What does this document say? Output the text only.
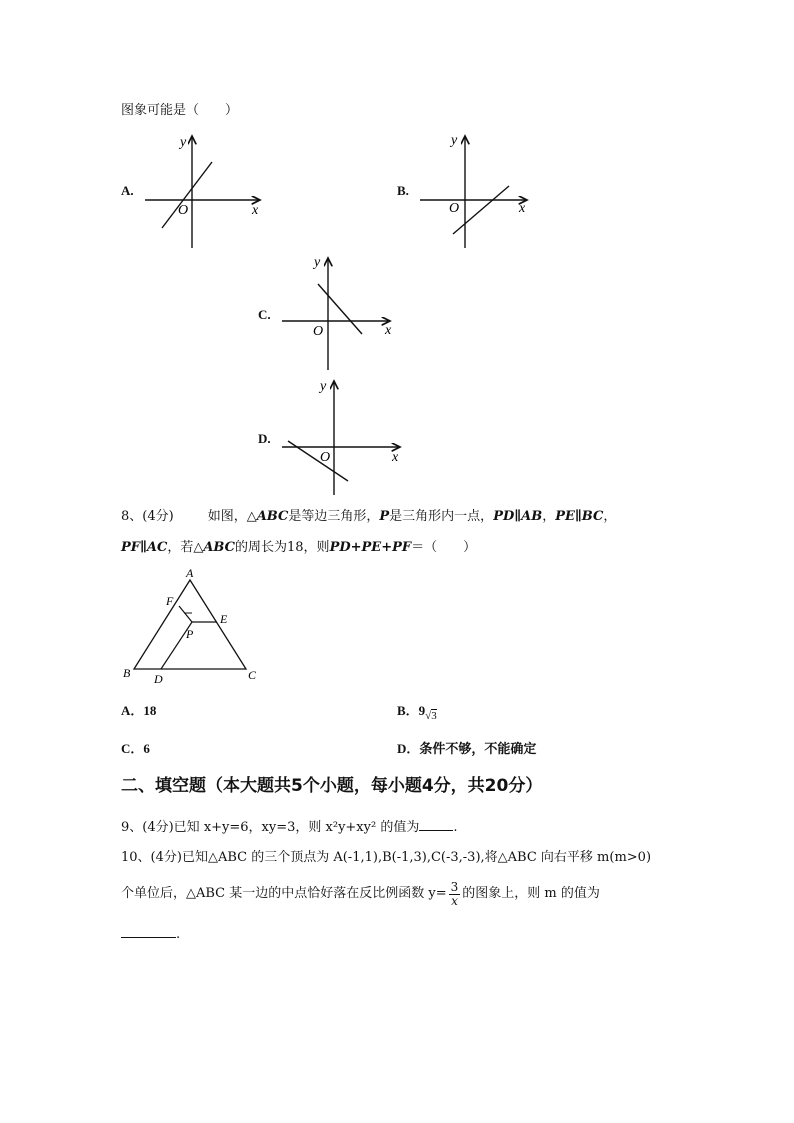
图象可能是（　　）
A.
x
y
O
B.
x
y
O
C.
x
y
O
D.
x
y
O
8、(4分)	如图，△ABC是等边三角形，P是三角形内一点，PD∥AB，PE∥BC，
PF∥AC，若△ABC的周长为18，则PD+PE+PF＝（　　）
A
B	C
D
E
F
P
A．18	B．$9_{√3}$
C．6	D．条件不够，不能确定
二、填空题（本大题共5个小题，每小题4分，共20分）
9、(4分)已知 x+y=6，xy=3，则 x²y+xy² 的值为	.
10、(4分)已知△ABC 的三个顶点为 A(-1,1),B(-1,3),C(-3,-3),将△ABC 向右平移 m(m>0)
个单位后，△ABC 某一边的中点恰好落在反比例函数 $y= \frac{3}{x}$ 的图象上，则 m 的值为
.
